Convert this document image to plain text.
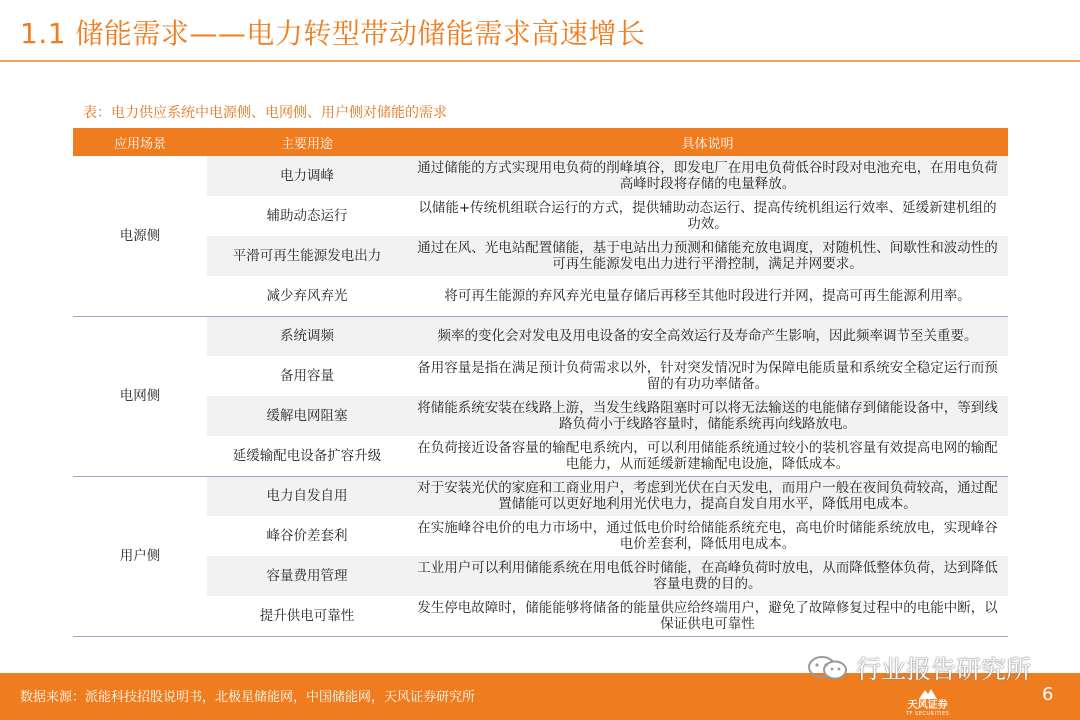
1.1 储能需求——电力转型带动储能需求高速增长
表：电力供应系统中电源侧、电网侧、用户侧对储能的需求
应用场景	主要用途	具体说明
电源侧	电力调峰	通过储能的方式实现用电负荷的削峰填谷，即发电厂在用电负荷低谷时段对电池充电，在用电负荷高峰时段将存储的电量释放。
	辅助动态运行	以储能+传统机组联合运行的方式，提供辅助动态运行、提高传统机组运行效率、延缓新建机组的功效。
	平滑可再生能源发电出力	通过在风、光电站配置储能，基于电站出力预测和储能充放电调度，对随机性、间歇性和波动性的可再生能源发电出力进行平滑控制，满足并网要求。
	减少弃风弃光	将可再生能源的弃风弃光电量存储后再移至其他时段进行并网，提高可再生能源利用率。
电网侧	系统调频	频率的变化会对发电及用电设备的安全高效运行及寿命产生影响，因此频率调节至关重要。
	备用容量	备用容量是指在满足预计负荷需求以外，针对突发情况时为保障电能质量和系统安全稳定运行而预留的有功功率储备。
	缓解电网阻塞	将储能系统安装在线路上游，当发生线路阻塞时可以将无法输送的电能储存到储能设备中，等到线路负荷小于线路容量时，储能系统再向线路放电。
	延缓输配电设备扩容升级	在负荷接近设备容量的输配电系统内，可以利用储能系统通过较小的装机容量有效提高电网的输配电能力，从而延缓新建输配电设施，降低成本。
用户侧	电力自发自用	对于安装光伏的家庭和工商业用户，考虑到光伏在白天发电，而用户一般在夜间负荷较高，通过配置储能可以更好地利用光伏电力，提高自发自用水平，降低用电成本。
	峰谷价差套利	在实施峰谷电价的电力市场中，通过低电价时给储能系统充电，高电价时储能系统放电，实现峰谷电价差套利，降低用电成本。
	容量费用管理	工业用户可以利用储能系统在用电低谷时储能，在高峰负荷时放电，从而降低整体负荷，达到降低容量电费的目的。
	提升供电可靠性	发生停电故障时，储能能够将储备的能量供应给终端用户，避免了故障修复过程中的电能中断，以保证供电可靠性
数据来源：派能科技招股说明书，北极星储能网，中国储能网，天风证券研究所
行业报告研究所
天风证券
TF SECURITIES
6
